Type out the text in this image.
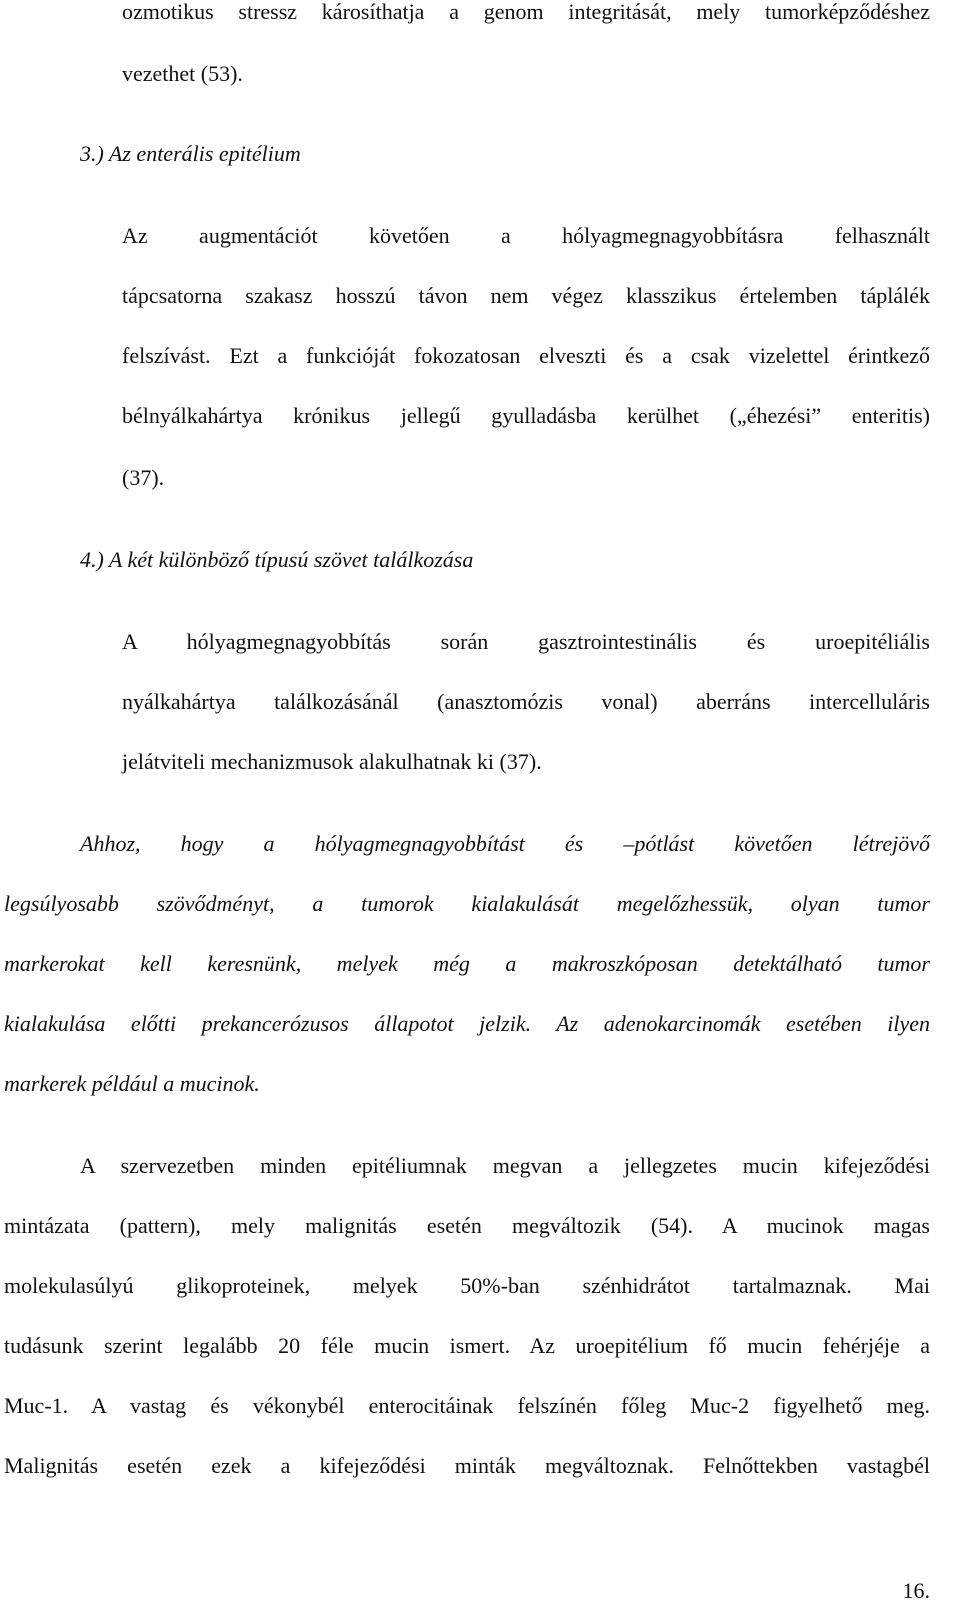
ozmotikus stressz károsíthatja a genom integritását, mely tumorképződéshez
vezethet (53).
3.) Az enterális epitélium
Az augmentációt követően a hólyagmegnagyobbításra felhasznált
tápcsatorna szakasz hosszú távon nem végez klasszikus értelemben táplálék
felszívást. Ezt a funkcióját fokozatosan elveszti és a csak vizelettel érintkező
bélnyálkahártya krónikus jellegű gyulladásba kerülhet („éhezési” enteritis)
(37).
4.) A két különböző típusú szövet találkozása
A hólyagmegnagyobbítás során gasztrointestinális és uroepitéliális
nyálkahártya találkozásánál (anasztomózis vonal) aberráns intercelluláris
jelátviteli mechanizmusok alakulhatnak ki (37).
Ahhoz, hogy a hólyagmegnagyobbítást és –pótlást követően létrejövő
legsúlyosabb szövődményt, a tumorok kialakulását megelőzhessük, olyan tumor
markerokat kell keresnünk, melyek még a makroszkóposan detektálható tumor
kialakulása előtti prekancerózusos állapotot jelzik. Az adenokarcinomák esetében ilyen
markerek például a mucinok.
A szervezetben minden epitéliumnak megvan a jellegzetes mucin kifejeződési
mintázata (pattern), mely malignitás esetén megváltozik (54). A mucinok magas
molekulasúlyú glikoproteinek, melyek 50%-ban szénhidrátot tartalmaznak. Mai
tudásunk szerint legalább 20 féle mucin ismert. Az uroepitélium fő mucin fehérjéje a
Muc-1. A vastag és vékonybél enterocitáinak felszínén főleg Muc-2 figyelhető meg.
Malignitás esetén ezek a kifejeződési minták megváltoznak. Felnőttekben vastagbél
16.
